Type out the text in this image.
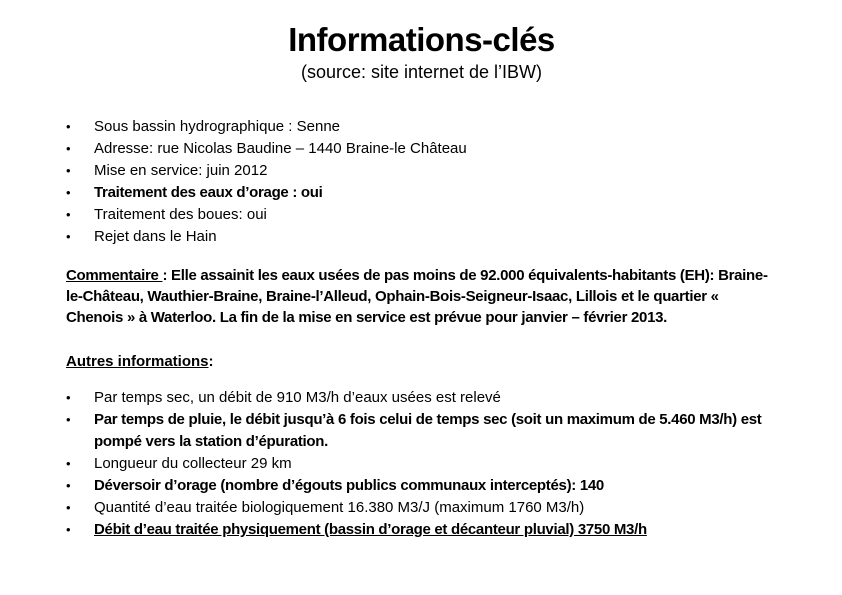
Informations-clés
(source: site internet de l’IBW)
•	Sous bassin hydrographique : Senne
•	Adresse: rue Nicolas Baudine – 1440 Braine-le Château
•	Mise en service: juin 2012
•	Traitement des eaux d’orage : oui
•	Traitement des boues: oui
•	Rejet dans le Hain

Commentaire : Elle assainit les eaux usées de pas moins de 92.000 équivalents-habitants (EH): Braine-le-Château, Wauthier-Braine, Braine-l’Alleud, Ophain-Bois-Seigneur-Isaac, Lillois et le quartier « Chenois » à Waterloo. La fin de la mise en service est prévue pour janvier – février 2013.

Autres informations:

•	Par temps sec, un débit de 910 M3/h d’eaux usées est relevé
•	Par temps de pluie, le débit jusqu’à 6 fois celui de temps sec (soit un maximum de 5.460 M3/h) est pompé vers la station d’épuration.
•	Longueur du collecteur 29 km
•	Déversoir d’orage (nombre d’égouts publics communaux interceptés): 140
•	Quantité d’eau traitée biologiquement 16.380 M3/J (maximum 1760 M3/h)
•	Débit d’eau traitée physiquement (bassin d’orage et décanteur pluvial) 3750 M3/h
